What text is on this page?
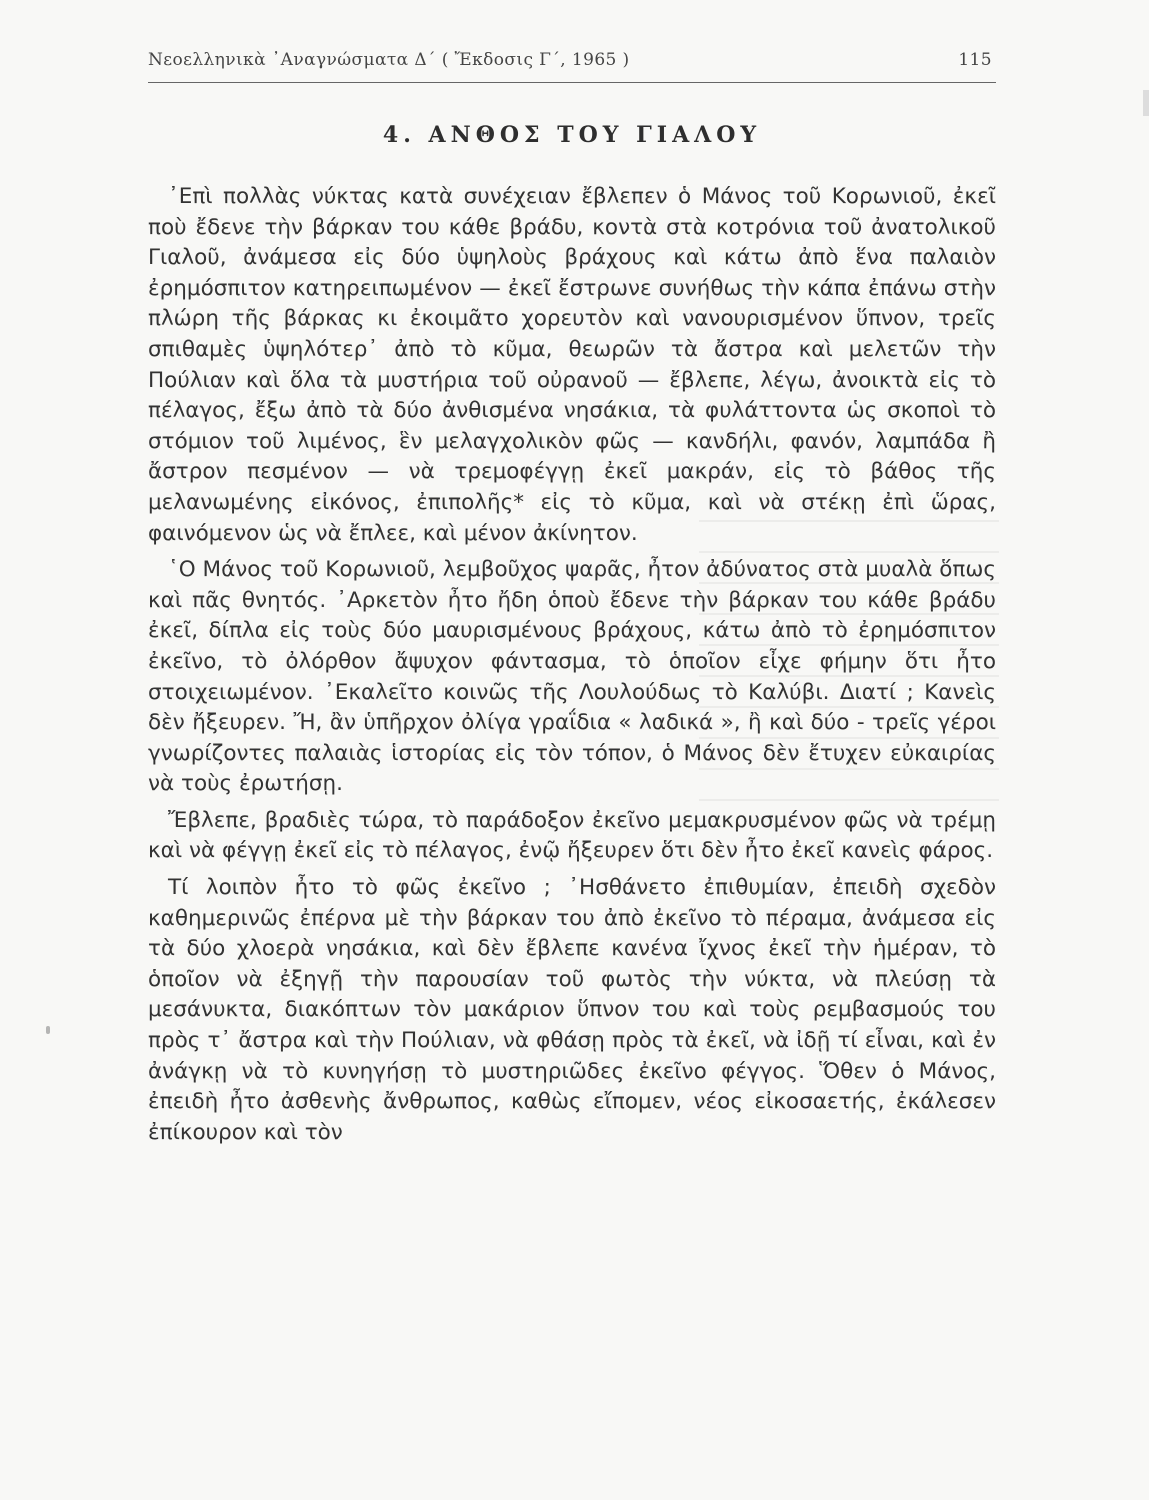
Νεοελληνικὰ ᾿Αναγνώσματα Δ΄ ( Ἔκδοσις Γ΄, 1965 )	115
4. ΑΝΘΟΣ ΤΟΥ ΓΙΑΛΟΥ

᾿Επὶ πολλὰς νύκτας κατὰ συνέχειαν ἔβλεπεν ὁ Μάνος τοῦ Κορωνιοῦ, ἐκεῖ ποὺ ἔδενε τὴν βάρκαν του κάθε βράδυ, κοντὰ στὰ κοτρόνια τοῦ ἀνατολικοῦ Γιαλοῦ, ἀνάμεσα εἰς δύο ὑψηλοὺς βράχους καὶ κάτω ἀπὸ ἕνα παλαιὸν ἐρημόσπιτον κατηρειπωμένον — ἐκεῖ ἔστρωνε συνήθως τὴν κάπα ἐπάνω στὴν πλώρη τῆς βάρκας κι ἐκοιμᾶτο χορευτὸν καὶ νανουρισμένον ὕπνον, τρεῖς σπιθαμὲς ὑψηλότερ᾿ ἀπὸ τὸ κῦμα, θεωρῶν τὰ ἄστρα καὶ μελετῶν τὴν Πούλιαν καὶ ὅλα τὰ μυστήρια τοῦ οὐρανοῦ — ἔβλεπε, λέγω, ἀνοικτὰ εἰς τὸ πέλαγος, ἔξω ἀπὸ τὰ δύο ἀνθισμένα νησάκια, τὰ φυλάττοντα ὡς σκοποὶ τὸ στόμιον τοῦ λιμένος, ἓν μελαγχολικὸν φῶς — κανδήλι, φανόν, λαμπάδα ἢ ἄστρον πεσμένον — νὰ τρεμοφέγγῃ ἐκεῖ μακράν, εἰς τὸ βάθος τῆς μελανωμένης εἰκόνος, ἐπιπολῆς* εἰς τὸ κῦμα, καὶ νὰ στέκῃ ἐπὶ ὥρας, φαινόμενον ὡς νὰ ἔπλεε, καὶ μένον ἀκίνητον.

῾Ο Μάνος τοῦ Κορωνιοῦ, λεμβοῦχος ψαρᾶς, ἦτον ἀδύνατος στὰ μυαλὰ ὅπως καὶ πᾶς θνητός. ᾿Αρκετὸν ἦτο ἤδη ὁποὺ ἔδενε τὴν βάρκαν του κάθε βράδυ ἐκεῖ, δίπλα εἰς τοὺς δύο μαυρισμένους βράχους, κάτω ἀπὸ τὸ ἐρημόσπιτον ἐκεῖνο, τὸ ὀλόρθον ἄψυχον φάντασμα, τὸ ὁποῖον εἶχε φήμην ὅτι ἦτο στοιχειωμένον. ᾿Εκαλεῖτο κοινῶς τῆς Λουλούδως τὸ Καλύβι. Διατί ; Κανεὶς δὲν ἤξευρεν. Ἤ, ἂν ὑπῆρχον ὀλίγα γραΐδια « λαδικά », ἢ καὶ δύο - τρεῖς γέροι γνωρίζοντες παλαιὰς ἱστορίας εἰς τὸν τόπον, ὁ Μάνος δὲν ἔτυχεν εὐκαιρίας νὰ τοὺς ἐρωτήσῃ.

Ἔβλεπε, βραδιὲς τώρα, τὸ παράδοξον ἐκεῖνο μεμακρυσμένον φῶς νὰ τρέμῃ καὶ νὰ φέγγῃ ἐκεῖ εἰς τὸ πέλαγος, ἐνῷ ἤξευρεν ὅτι δὲν ἦτο ἐκεῖ κανεὶς φάρος.

Τί λοιπὸν ἦτο τὸ φῶς ἐκεῖνο ; ᾿Ησθάνετο ἐπιθυμίαν, ἐπειδὴ σχεδὸν καθημερινῶς ἐπέρνα μὲ τὴν βάρκαν του ἀπὸ ἐκεῖνο τὸ πέραμα, ἀνάμεσα εἰς τὰ δύο χλοερὰ νησάκια, καὶ δὲν ἔβλεπε κανένα ἴχνος ἐκεῖ τὴν ἡμέραν, τὸ ὁποῖον νὰ ἐξηγῇ τὴν παρουσίαν τοῦ φωτὸς τὴν νύκτα, νὰ πλεύσῃ τὰ μεσάνυκτα, διακόπτων τὸν μακάριον ὕπνον του καὶ τοὺς ρεμβασμούς του πρὸς τ᾿ ἄστρα καὶ τὴν Πούλιαν, νὰ φθάσῃ πρὸς τὰ ἐκεῖ, νὰ ἰδῇ τί εἶναι, καὶ ἐν ἀνάγκῃ νὰ τὸ κυνηγήσῃ τὸ μυστηριῶδες ἐκεῖνο φέγγος. Ὅθεν ὁ Μάνος, ἐπειδὴ ἦτο ἀσθενὴς ἄνθρωπος, καθὼς εἴπομεν, νέος εἰκοσαετής, ἐκάλεσεν ἐπίκουρον καὶ τὸν
